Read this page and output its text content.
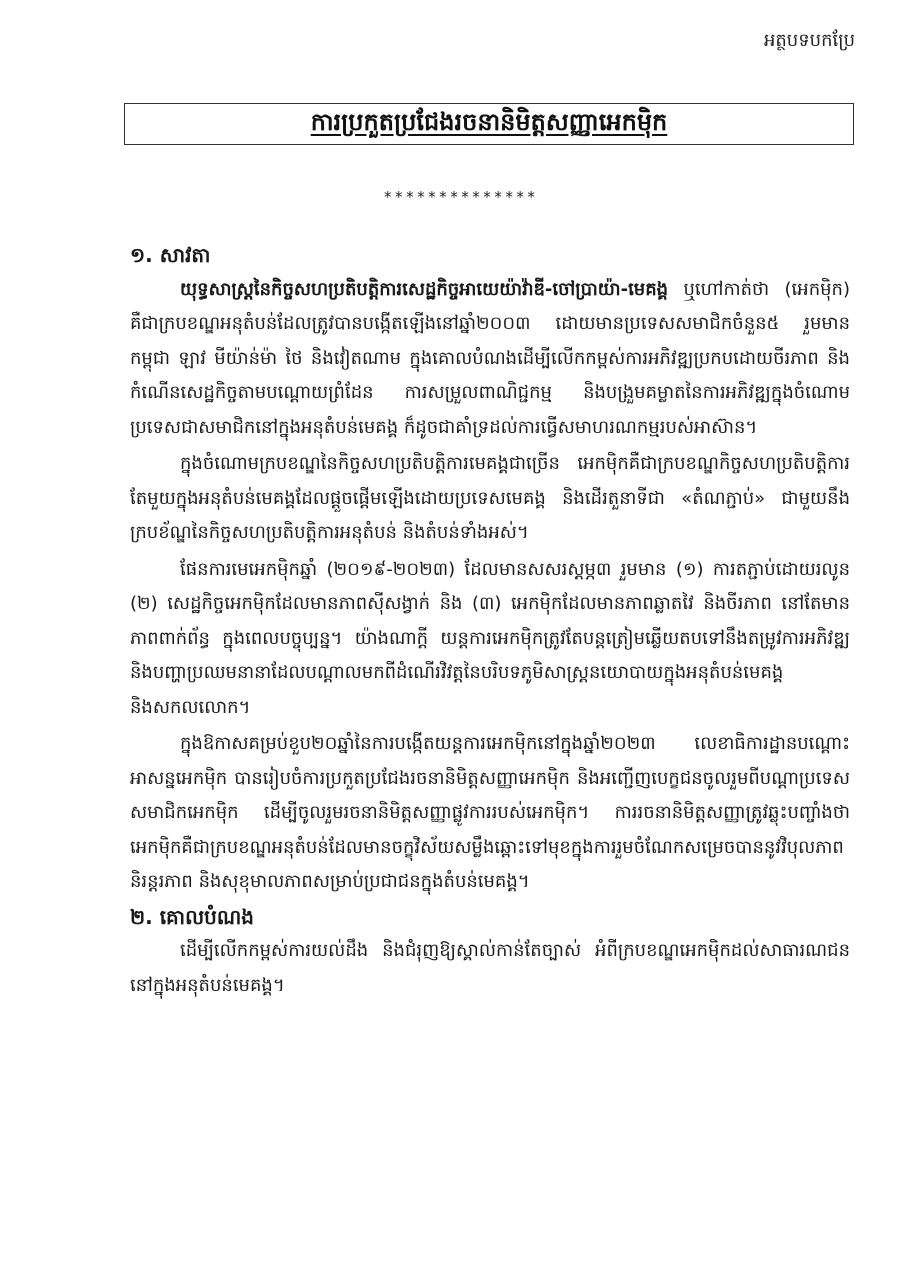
អត្ថបទបកប្រែ
ការប្រកួតប្រជែងរចនានិមិត្តសញ្ញាអេកម៉ិក
**************
១. សាវតា

យុទ្ធសាស្ត្រនៃកិច្ចសហប្រតិបត្តិការសេដ្ឋកិច្ចអាយេយ៉ាវ៉ាឌី-ចៅប្រាយ៉ា-មេគង្គ ឬហៅកាត់ថា (អេកម៉ិក) គឺជាក្របខណ្ឌអនុតំបន់ដែលត្រូវបានបង្កើតឡើងនៅឆ្នាំ២០០៣ ដោយមានប្រទេសសមាជិកចំនួន៥ រួមមាន កម្ពុជា ឡាវ មីយ៉ាន់ម៉ា ថៃ និងវៀតណាម ក្នុងគោលបំណងដើម្បីលើកកម្ពស់ការអភិវឌ្ឍប្រកបដោយចីរភាព និងកំណើនសេដ្ឋកិច្ចតាមបណ្តោយព្រំដែន ការសម្រួលពាណិជ្ជកម្ម និងបង្រួមគម្លាតនៃការអភិវឌ្ឍក្នុងចំណោមប្រទេសជាសមាជិកនៅក្នុងអនុតំបន់មេគង្គ ក៏ដូចជាគាំទ្រដល់ការធ្វើសមាហរណកម្មរបស់អាស៊ាន។

ក្នុងចំណោមក្របខណ្ឌនៃកិច្ចសហប្រតិបត្តិការមេគង្គជាច្រើន អេកម៉ិកគឺជាក្របខណ្ឌកិច្ចសហប្រតិបត្តិការតែមួយក្នុងអនុតំបន់មេគង្គដែលផ្តួចផ្តើមឡើងដោយប្រទេសមេគង្គ និងដើរតួនាទីជា «តំណភ្ជាប់» ជាមួយនឹងក្របខ័ណ្ឌនៃកិច្ចសហប្រតិបត្តិការអនុតំបន់ និងតំបន់ទាំងអស់។

ផែនការមេអេកម៉ិកឆ្នាំ (២០១៩-២០២៣) ដែលមានសសរស្តម្ភ៣ រួមមាន (១) ការតភ្ជាប់ដោយរលូន (២) សេដ្ឋកិច្ចអេកម៉ិកដែលមានភាពស៊ីសង្វាក់ និង (៣) អេកម៉ិកដែលមានភាពឆ្លាតវៃ និងចីរភាព នៅតែមានភាពពាក់ព័ន្ធ ក្នុងពេលបច្ចុប្បន្ន។ យ៉ាងណាក្តី យន្តការអេកម៉ិកត្រូវតែបន្តត្រៀមឆ្លើយតបទៅនឹងតម្រូវការអភិវឌ្ឍ និងបញ្ហាប្រឈមនានាដែលបណ្តាលមកពីដំណើរវិវត្តនៃបរិបទភូមិសាស្ត្រនយោបាយក្នុងអនុតំបន់មេគង្គ និងសកលលោក។

ក្នុងឱកាសគម្រប់ខួប២០ឆ្នាំនៃការបង្កើតយន្តការអេកម៉ិកនៅក្នុងឆ្នាំ២០២៣ លេខាធិការដ្ឋានបណ្តោះអាសន្នអេកម៉ិក បានរៀបចំការប្រកួតប្រជែងរចនានិមិត្តសញ្ញាអេកម៉ិក និងអញ្ជើញបេក្ខជនចូលរួមពីបណ្តាប្រទេសសមាជិកអេកម៉ិក ដើម្បីចូលរួមរចនានិមិត្តសញ្ញាផ្លូវការរបស់អេកម៉ិក។ ការរចនានិមិត្តសញ្ញាត្រូវឆ្លុះបញ្ចាំងថា អេកម៉ិកគឺជាក្របខណ្ឌអនុតំបន់ដែលមានចក្ខុវិស័យសម្លឹងឆ្ពោះទៅមុខក្នុងការរួមចំណែកសម្រេចបាននូវវិបុលភាព និរន្តរភាព និងសុខុមាលភាពសម្រាប់ប្រជាជនក្នុងតំបន់មេគង្គ។

២. គោលបំណង

ដើម្បីលើកកម្ពស់ការយល់ដឹង និងជំរុញឱ្យស្គាល់កាន់តែច្បាស់ អំពីក្របខណ្ឌអេកម៉ិកដល់សាធារណជននៅក្នុងអនុតំបន់មេគង្គ។
